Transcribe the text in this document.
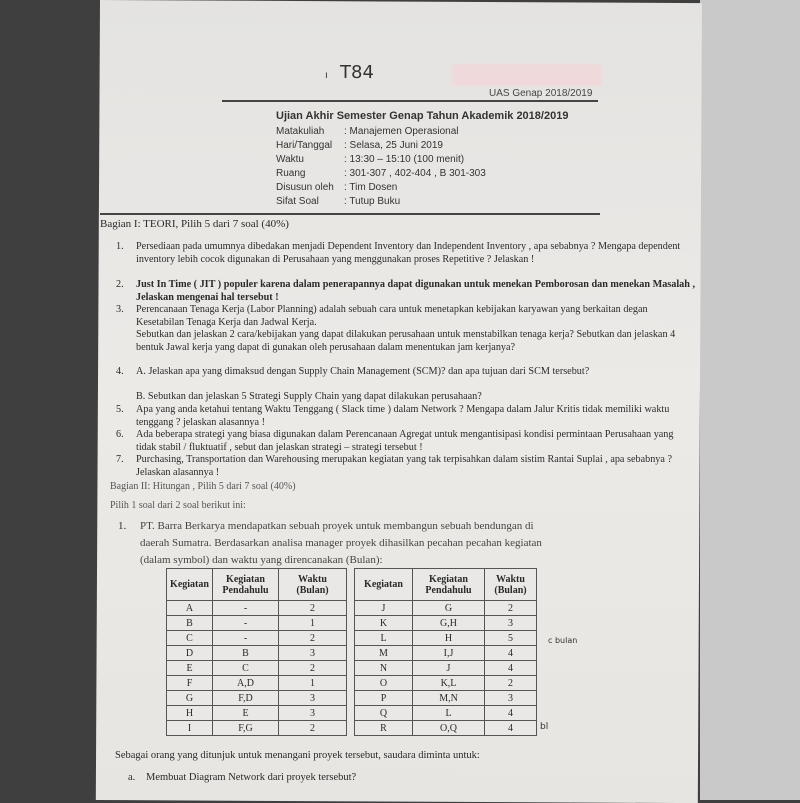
ı T84
UAS Genap 2018/2019
Ujian Akhir Semester Genap Tahun Akademik 2018/2019
Matakuliah : Manajemen Operasional
Hari/Tanggal : Selasa, 25 Juni 2019
Waktu	: 13:30 – 15:10 (100 menit)
Ruang	: 301-307 , 402-404 , B 301-303
Disusun oleh : Tim Dosen
Sifat Soal	: Tutup Buku
Bagian I: TEORI, Pilih 5 dari 7 soal (40%)
1. Persediaan pada umumnya dibedakan menjadi Dependent Inventory dan Independent Inventory , apa sebabnya ? Mengapa dependent inventory lebih cocok digunakan di Perusahaan yang menggunakan proses Repetitive ? Jelaskan !
2. Just In Time ( JIT ) populer karena dalam penerapannya dapat digunakan untuk menekan Pemborosan dan menekan Masalah , Jelaskan mengenai hal tersebut !
3. Perencanaan Tenaga Kerja (Labor Planning) adalah sebuah cara untuk menetapkan kebijakan karyawan yang berkaitan degan Kesetabilan Tenaga Kerja dan Jadwal Kerja.
Sebutkan dan jelaskan 2 cara/kebijakan yang dapat dilakukan perusahaan untuk menstabilkan tenaga kerja? Sebutkan dan jelaskan 4 bentuk Jawal kerja yang dapat di gunakan oleh perusahaan dalam menentukan jam kerjanya?
4. A. Jelaskan apa yang dimaksud dengan Supply Chain Management (SCM)? dan apa tujuan dari SCM tersebut?
B. Sebutkan dan jelaskan 5 Strategi Supply Chain yang dapat dilakukan perusahaan?
5. Apa yang anda ketahui tentang Waktu Tenggang ( Slack time ) dalam Network ? Mengapa dalam Jalur Kritis tidak memiliki waktu tenggang ? jelaskan alasannya !
6. Ada beberapa strategi yang biasa digunakan dalam Perencanaan Agregat untuk mengantisipasi kondisi permintaan Perusahaan yang tidak stabil / fluktuatif , sebut dan jelaskan strategi – strategi tersebut !
7. Purchasing, Transportation dan Warehousing merupakan kegiatan yang tak terpisahkan dalam sistim Rantai Suplai , apa sebabnya ? Jelaskan alasannya !
Bagian II: Hitungan , Pilih 5 dari 7 soal (40%)
Pilih 1 soal dari 2 soal berikut ini:
1. PT. Barra Berkarya mendapatkan sebuah proyek untuk membangun sebuah bendungan di daerah Sumatra. Berdasarkan analisa manager proyek dihasilkan pecahan pecahan kegiatan (dalam symbol) dan waktu yang direncanakan (Bulan):
Kegiatan	Kegiatan Pendahulu	Waktu (Bulan)		Kegiatan	Kegiatan Pendahulu	Waktu (Bulan)
A	-	2		J	G	2
B	-	1		K	G,H	3
C	-	2		L	H	5
D	B	3		M	I,J	4
E	C	2		N	J	4
F	A,D	1		O	K,L	2
G	F,D	3		P	M,N	3
H	E	3		Q	L	4
I	F,G	2		R	O,Q	4
c bulan
bl
Sebagai orang yang ditunjuk untuk menangani proyek tersebut, saudara diminta untuk:
a. Membuat Diagram Network dari proyek tersebut?
